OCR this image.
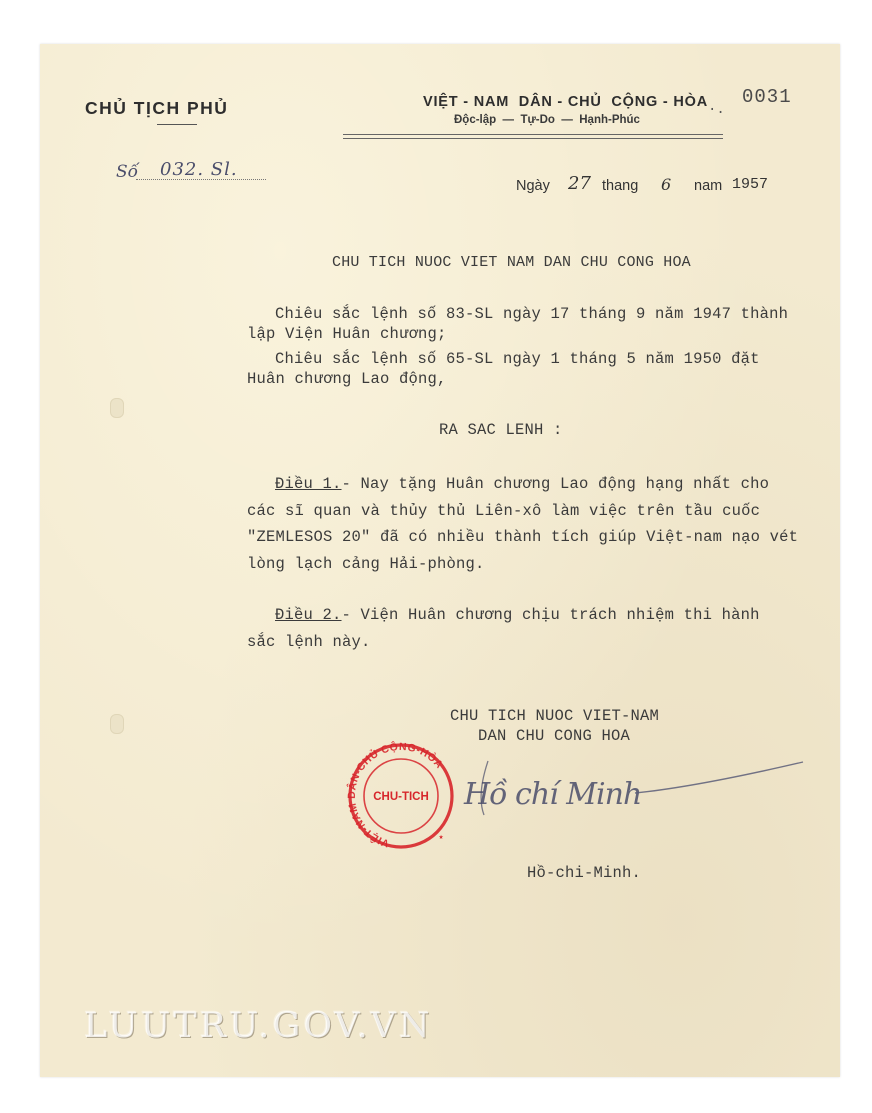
CHỦ TỊCH PHỦ	VIỆT - NAM  DÂN - CHỦ  CỘNG - HÒA ·.
0031
Độc-lập  —  Tự-Do  —  Hạnh-Phúc
Số 032. Sl.
Ngày 27 thang 6 nam 1957
CHU TICH NUOC VIET NAM DAN CHU CONG HOA
Chiêu sắc lệnh số 83-SL ngày 17 tháng 9 năm 1947 thành lập Viện Huân chương;
Chiêu sắc lệnh số 65-SL ngày 1 tháng 5 năm 1950 đặt Huân chương Lao động,
RA SAC LENH :
Điều 1.- Nay tặng Huân chương Lao động hạng nhất cho các sĩ quan và thủy thủ Liên-xô làm việc trên tầu cuốc "ZEMLESOS 20" đã có nhiều thành tích giúp Việt-nam nạo vét lòng lạch cảng Hải-phòng.
Điều 2.- Viện Huân chương chịu trách nhiệm thi hành sắc lệnh này.
CHU TICH NUOC VIET-NAM
DAN CHU CONG HOA
VIỆT-NAM DÂN-CHỦ CỘNG-HÒA
CHU-TICH
★
Hồ chí Minh
Hồ-chi-Minh.
LUUTRU.GOV.VN
